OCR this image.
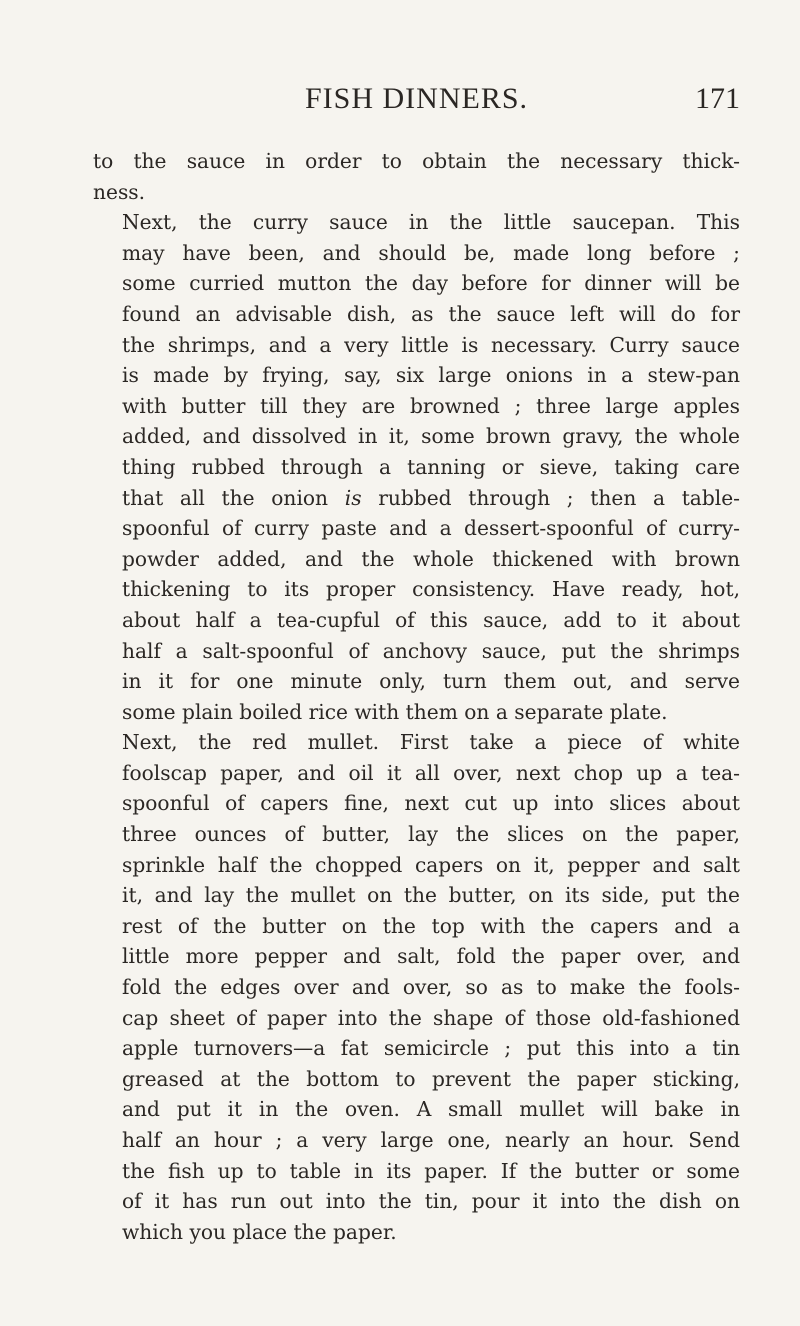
FISH DINNERS.	171

to the sauce in order to obtain the necessary thick-
ness.

Next, the curry sauce in the little saucepan. This
may have been, and should be, made long before ;
some curried mutton the day before for dinner will be
found an advisable dish, as the sauce left will do for
the shrimps, and a very little is necessary. Curry sauce
is made by frying, say, six large onions in a stew-pan
with butter till they are browned ; three large apples
added, and dissolved in it, some brown gravy, the whole
thing rubbed through a tanning or sieve, taking care
that all the onion is rubbed through ; then a table-
spoonful of curry paste and a dessert-spoonful of curry-
powder added, and the whole thickened with brown
thickening to its proper consistency. Have ready, hot,
about half a tea-cupful of this sauce, add to it about
half a salt-spoonful of anchovy sauce, put the shrimps
in it for one minute only, turn them out, and serve
some plain boiled rice with them on a separate plate.

Next, the red mullet. First take a piece of white
foolscap paper, and oil it all over, next chop up a tea-
spoonful of capers fine, next cut up into slices about
three ounces of butter, lay the slices on the paper,
sprinkle half the chopped capers on it, pepper and salt
it, and lay the mullet on the butter, on its side, put the
rest of the butter on the top with the capers and a
little more pepper and salt, fold the paper over, and
fold the edges over and over, so as to make the fools-
cap sheet of paper into the shape of those old-fashioned
apple turnovers—a fat semicircle ; put this into a tin
greased at the bottom to prevent the paper sticking,
and put it in the oven. A small mullet will bake in
half an hour ; a very large one, nearly an hour. Send
the fish up to table in its paper. If the butter or some
of it has run out into the tin, pour it into the dish on
which you place the paper.
